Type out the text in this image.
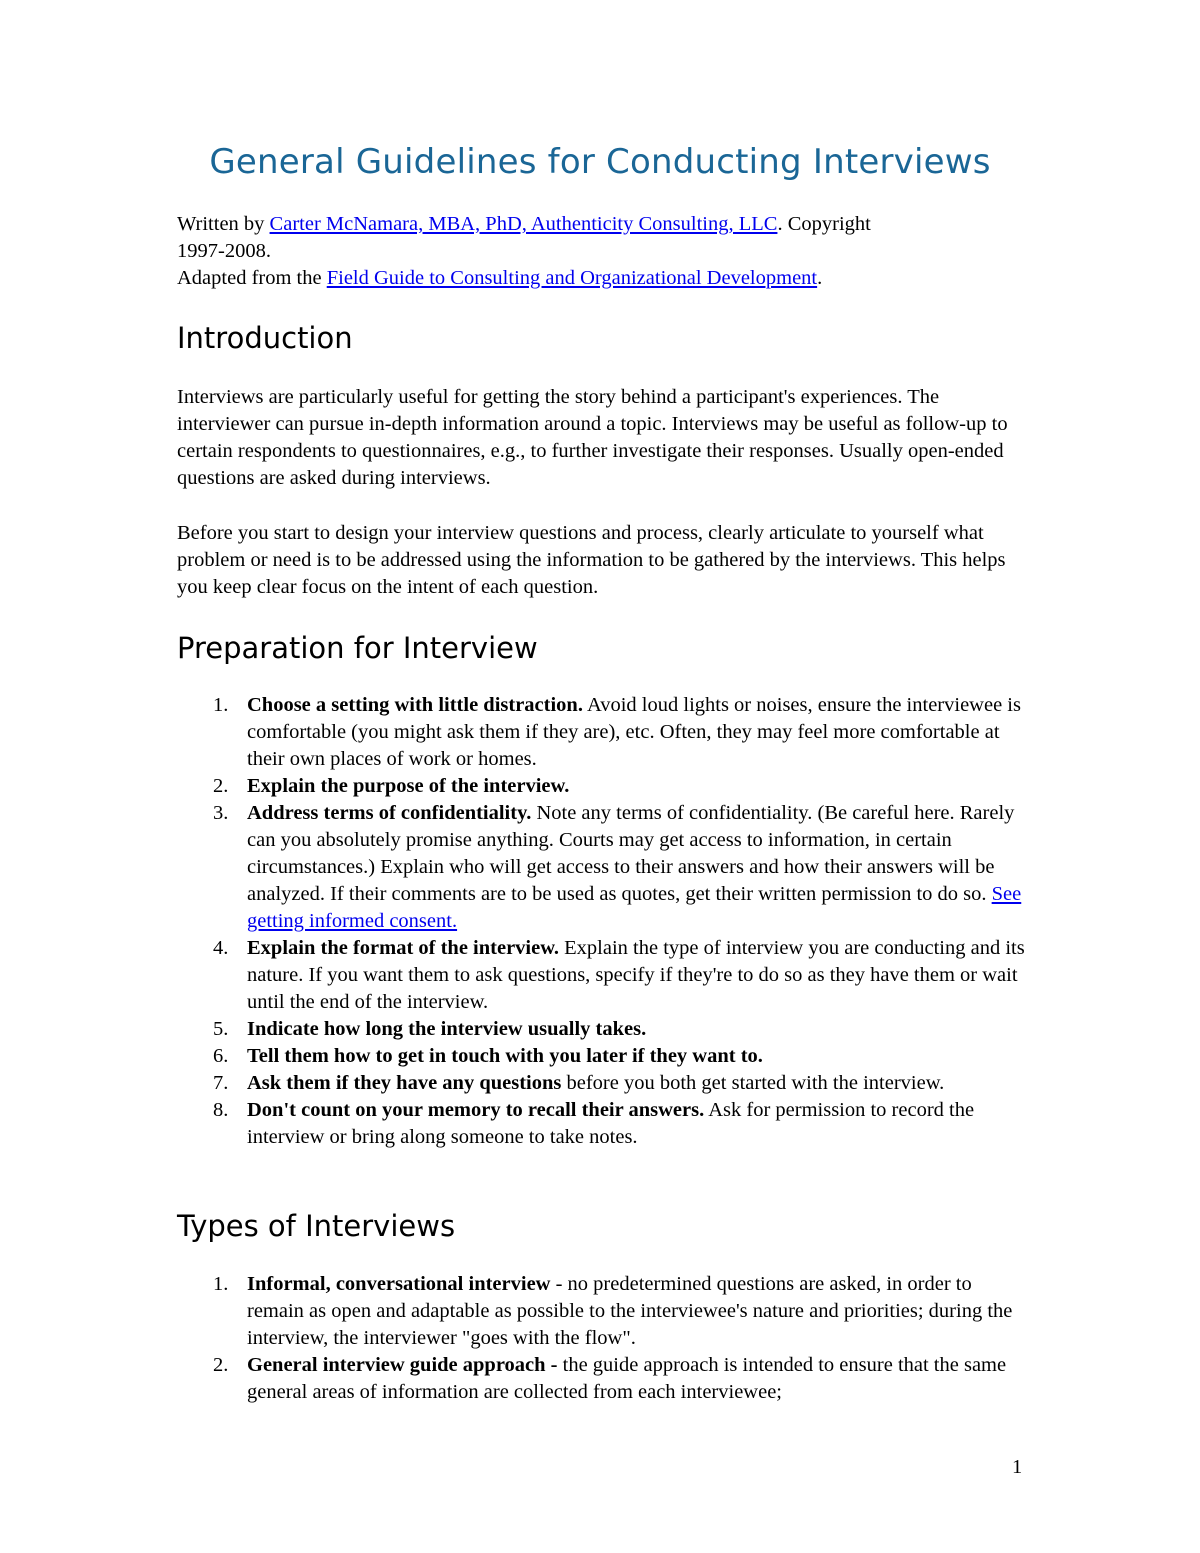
General Guidelines for Conducting Interviews

Written by Carter McNamara, MBA, PhD, Authenticity Consulting, LLC. Copyright
1997-2008.
Adapted from the Field Guide to Consulting and Organizational Development.

Introduction

Interviews are particularly useful for getting the story behind a participant's experiences. The interviewer can pursue in-depth information around a topic. Interviews may be useful as follow-up to certain respondents to questionnaires, e.g., to further investigate their responses. Usually open-ended questions are asked during interviews.

Before you start to design your interview questions and process, clearly articulate to yourself what problem or need is to be addressed using the information to be gathered by the interviews. This helps you keep clear focus on the intent of each question.

Preparation for Interview
1. Choose a setting with little distraction. Avoid loud lights or noises, ensure the interviewee is comfortable (you might ask them if they are), etc. Often, they may feel more comfortable at their own places of work or homes.
2. Explain the purpose of the interview.
3. Address terms of confidentiality. Note any terms of confidentiality. (Be careful here. Rarely can you absolutely promise anything. Courts may get access to information, in certain circumstances.) Explain who will get access to their answers and how their answers will be analyzed. If their comments are to be used as quotes, get their written permission to do so. See getting informed consent.
4. Explain the format of the interview. Explain the type of interview you are conducting and its nature. If you want them to ask questions, specify if they're to do so as they have them or wait until the end of the interview.
5. Indicate how long the interview usually takes.
6. Tell them how to get in touch with you later if they want to.
7. Ask them if they have any questions before you both get started with the interview.
8. Don't count on your memory to recall their answers. Ask for permission to record the interview or bring along someone to take notes.
Types of Interviews
1. Informal, conversational interview - no predetermined questions are asked, in order to remain as open and adaptable as possible to the interviewee's nature and priorities; during the interview, the interviewer "goes with the flow".
2. General interview guide approach - the guide approach is intended to ensure that the same general areas of information are collected from each interviewee;
1
